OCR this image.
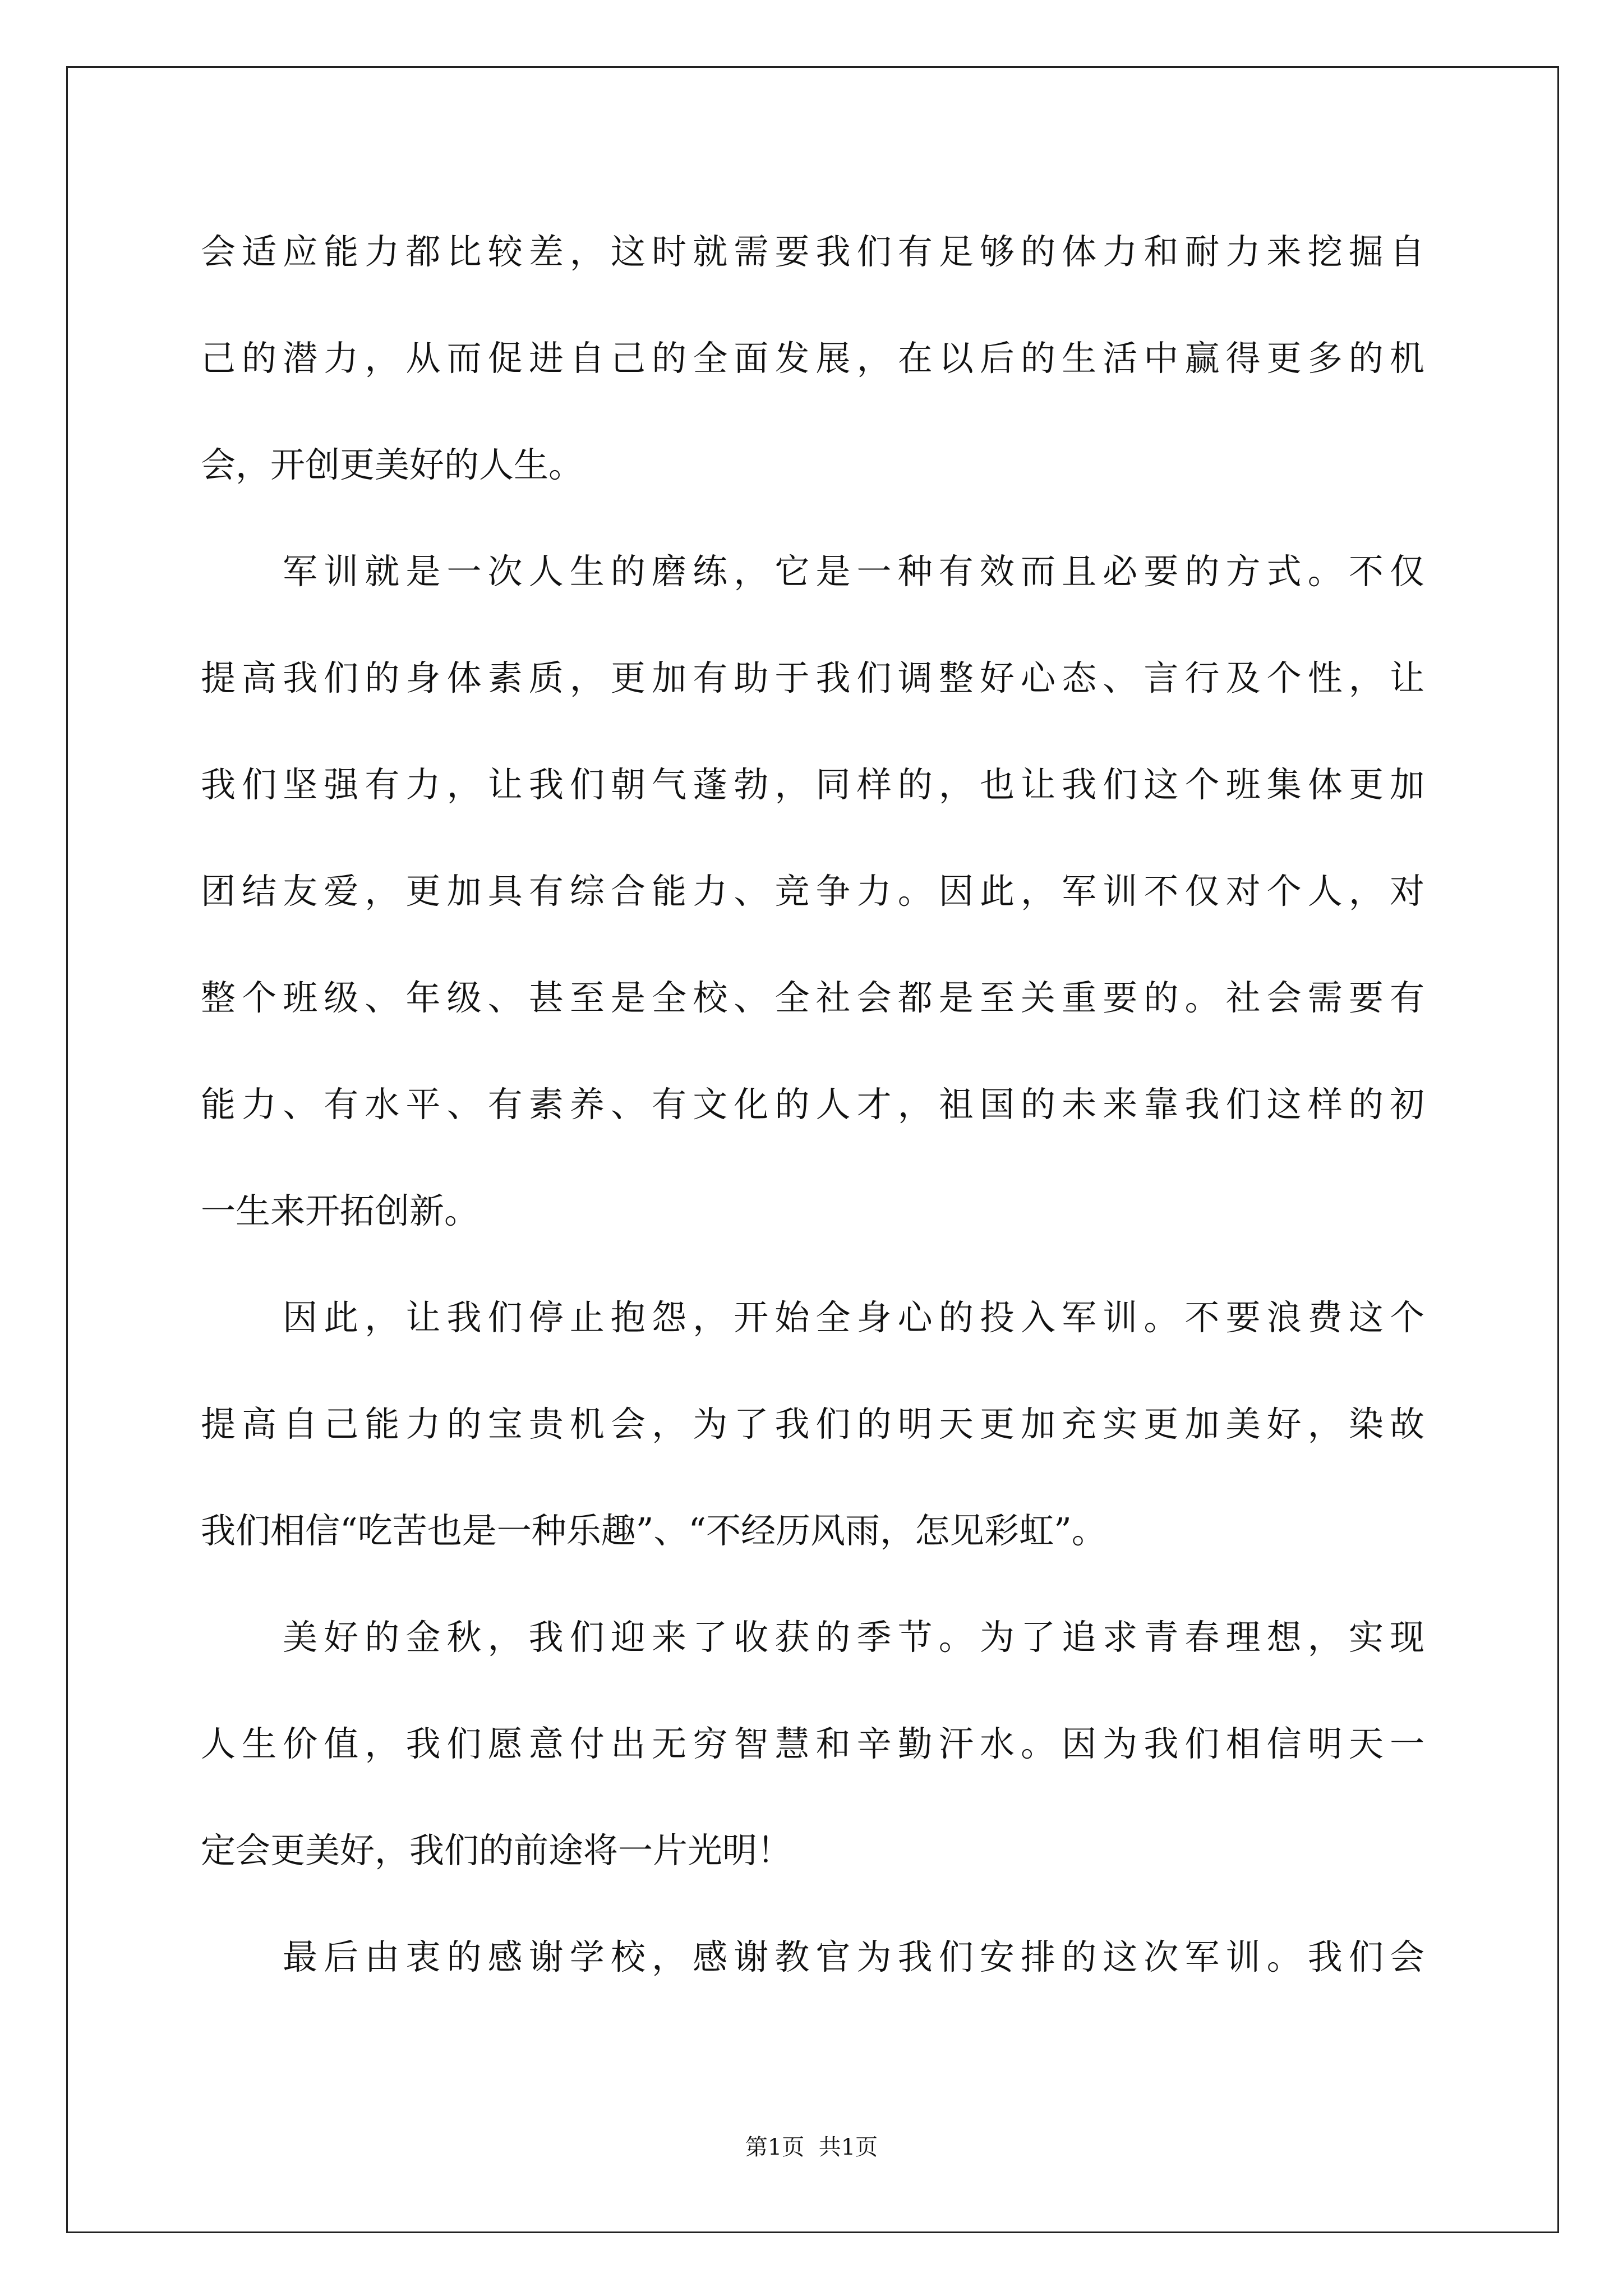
会适应能力都比较差，这时就需要我们有足够的体力和耐力来挖掘自
己的潜力，从而促进自己的全面发展，在以后的生活中赢得更多的机
会，开创更美好的人生。
军训就是一次人生的磨练，它是一种有效而且必要的方式。不仅
提高我们的身体素质，更加有助于我们调整好心态、言行及个性，让
我们坚强有力，让我们朝气蓬勃，同样的，也让我们这个班集体更加
团结友爱，更加具有综合能力、竞争力。因此，军训不仅对个人，对
整个班级、年级、甚至是全校、全社会都是至关重要的。社会需要有
能力、有水平、有素养、有文化的人才，祖国的未来靠我们这样的初
一生来开拓创新。
因此，让我们停止抱怨，开始全身心的投入军训。不要浪费这个
提高自己能力的宝贵机会，为了我们的明天更加充实更加美好，染故
我们相信“吃苦也是一种乐趣”、“不经历风雨，怎见彩虹”。
美好的金秋，我们迎来了收获的季节。为了追求青春理想，实现
人生价值，我们愿意付出无穷智慧和辛勤汗水。因为我们相信明天一
定会更美好，我们的前途将一片光明！
最后由衷的感谢学校，感谢教官为我们安排的这次军训。我们会
第1页  共1页
